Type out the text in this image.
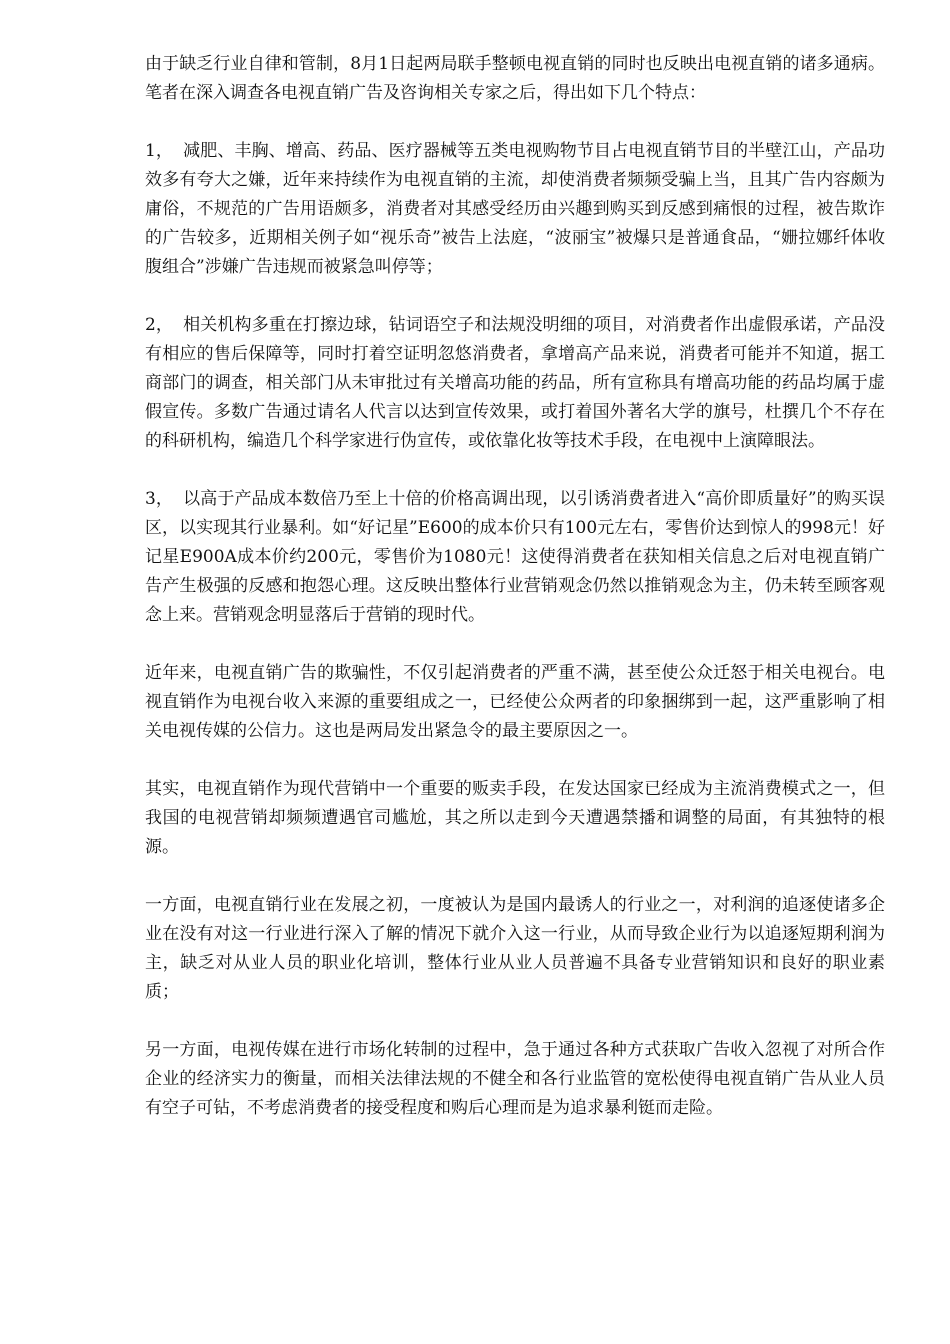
由于缺乏行业自律和管制，8月1日起两局联手整顿电视直销的同时也反映出电视直销的诸多通病。笔者在深入调查各电视直销广告及咨询相关专家之后，得出如下几个特点：

1， 减肥、丰胸、增高、药品、医疗器械等五类电视购物节目占电视直销节目的半壁江山，产品功效多有夸大之嫌，近年来持续作为电视直销的主流，却使消费者频频受骗上当，且其广告内容颇为庸俗，不规范的广告用语颇多，消费者对其感受经历由兴趣到购买到反感到痛恨的过程，被告欺诈的广告较多，近期相关例子如“视乐奇”被告上法庭，“波丽宝”被爆只是普通食品，“姗拉娜纤体收腹组合”涉嫌广告违规而被紧急叫停等；

2， 相关机构多重在打擦边球，钻词语空子和法规没明细的项目，对消费者作出虚假承诺，产品没有相应的售后保障等，同时打着空证明忽悠消费者，拿增高产品来说，消费者可能并不知道，据工商部门的调查，相关部门从未审批过有关增高功能的药品，所有宣称具有增高功能的药品均属于虚假宣传。多数广告通过请名人代言以达到宣传效果，或打着国外著名大学的旗号，杜撰几个不存在的科研机构，编造几个科学家进行伪宣传，或依靠化妆等技术手段，在电视中上演障眼法。

3， 以高于产品成本数倍乃至上十倍的价格高调出现，以引诱消费者进入“高价即质量好”的购买误区，以实现其行业暴利。如“好记星”E600的成本价只有100元左右，零售价达到惊人的998元！好记星E900A成本价约200元，零售价为1080元！这使得消费者在获知相关信息之后对电视直销广告产生极强的反感和抱怨心理。这反映出整体行业营销观念仍然以推销观念为主，仍未转至顾客观念上来。营销观念明显落后于营销的现时代。

近年来，电视直销广告的欺骗性，不仅引起消费者的严重不满，甚至使公众迁怒于相关电视台。电视直销作为电视台收入来源的重要组成之一，已经使公众两者的印象捆绑到一起，这严重影响了相关电视传媒的公信力。这也是两局发出紧急令的最主要原因之一。

其实，电视直销作为现代营销中一个重要的贩卖手段，在发达国家已经成为主流消费模式之一，但我国的电视营销却频频遭遇官司尴尬，其之所以走到今天遭遇禁播和调整的局面，有其独特的根源。

一方面，电视直销行业在发展之初，一度被认为是国内最诱人的行业之一，对利润的追逐使诸多企业在没有对这一行业进行深入了解的情况下就介入这一行业，从而导致企业行为以追逐短期利润为主，缺乏对从业人员的职业化培训，整体行业从业人员普遍不具备专业营销知识和良好的职业素质；

另一方面，电视传媒在进行市场化转制的过程中，急于通过各种方式获取广告收入忽视了对所合作企业的经济实力的衡量，而相关法律法规的不健全和各行业监管的宽松使得电视直销广告从业人员有空子可钻，不考虑消费者的接受程度和购后心理而是为追求暴利铤而走险。
